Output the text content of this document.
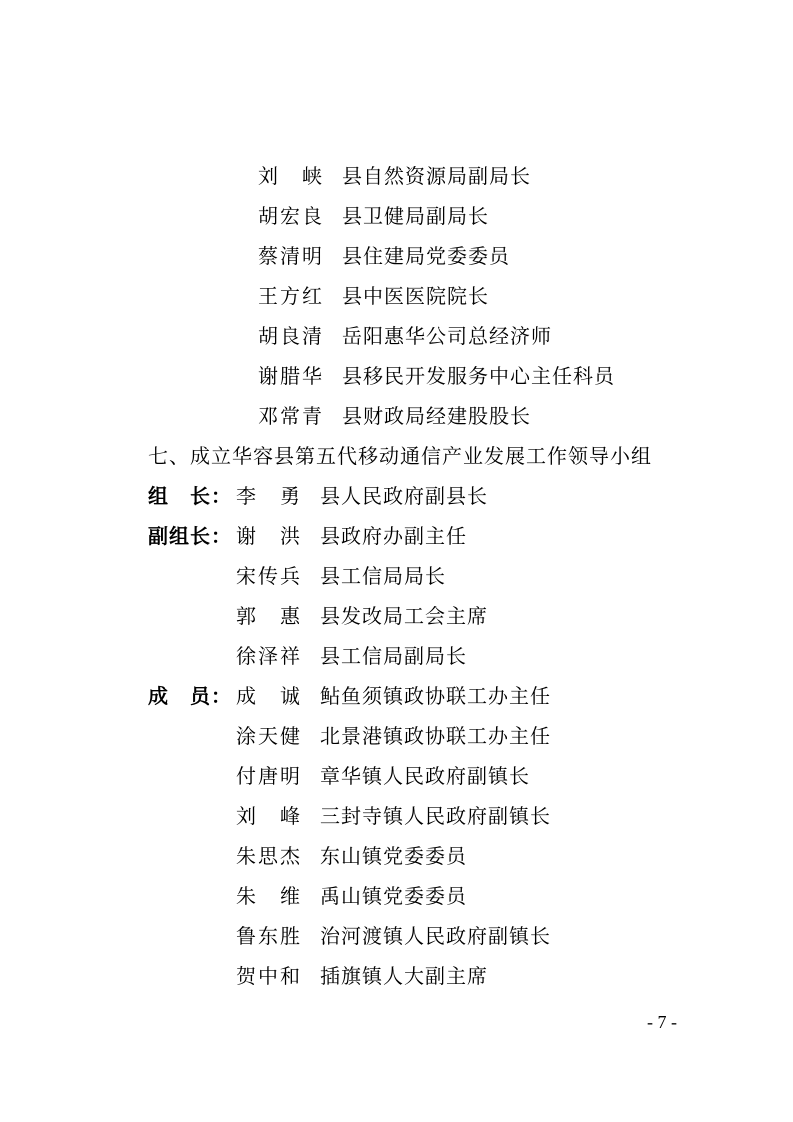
刘　峡 县自然资源局副局长
胡宏良 县卫健局副局长
蔡清明 县住建局党委委员
王方红 县中医医院院长
胡良清 岳阳惠华公司总经济师
谢腊华 县移民开发服务中心主任科员
邓常青 县财政局经建股股长
七、成立华容县第五代移动通信产业发展工作领导小组
组　长： 李　勇 县人民政府副县长
副组长： 谢　洪 县政府办副主任
宋传兵 县工信局局长
郭　惠 县发改局工会主席
徐泽祥 县工信局副局长
成　员： 成　诚 鲇鱼须镇政协联工办主任
涂天健 北景港镇政协联工办主任
付唐明 章华镇人民政府副镇长
刘　峰 三封寺镇人民政府副镇长
朱思杰 东山镇党委委员
朱　维 禹山镇党委委员
鲁东胜 治河渡镇人民政府副镇长
贺中和 插旗镇人大副主席
- 7 -
